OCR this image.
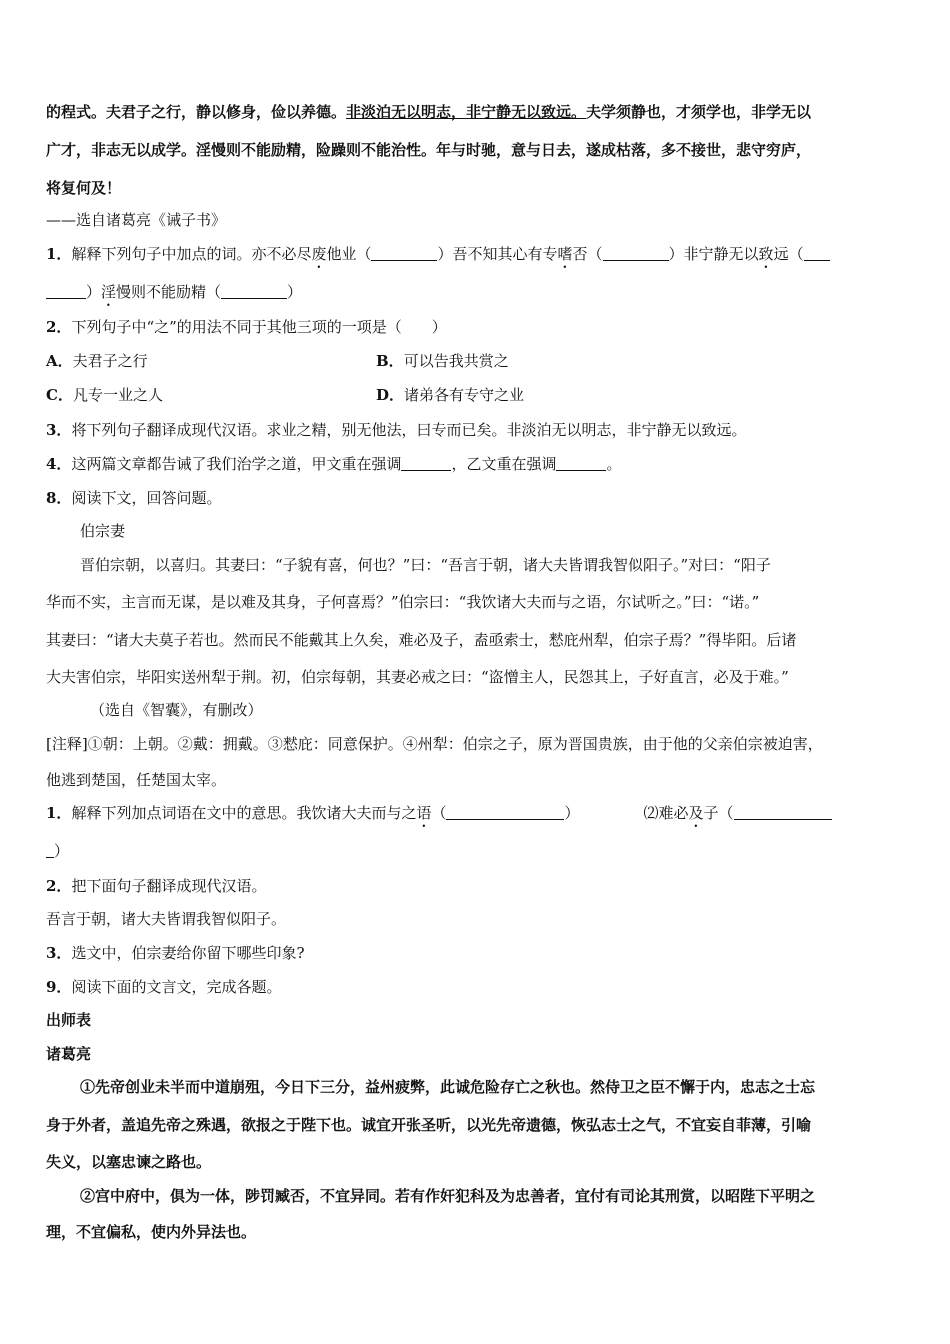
的程式。夫君子之行，静以修身，俭以养德。非淡泊无以明志，非宁静无以致远。夫学须静也，才须学也，非学无以
广才，非志无以成学。淫慢则不能励精，险躁则不能治性。年与时驰，意与日去，遂成枯落，多不接世，悲守穷庐，
将复何及！
——选自诸葛亮《诫子书》
1．解释下列句子中加点的词。亦不必尽废他业（	）吾不知其心有专嗜否（	）非宁静无以致远（
）淫慢则不能励精（	）
2．下列句子中“之”的用法不同于其他三项的一项是（　　）
A．夫君子之行	B．可以告我共赏之
C．凡专一业之人	D．诸弟各有专守之业
3．将下列句子翻译成现代汉语。求业之精，别无他法，曰专而已矣。非淡泊无以明志，非宁静无以致远。
4．这两篇文章都告诫了我们治学之道，甲文重在强调	，乙文重在强调	。
8．阅读下文，回答问题。
伯宗妻
晋伯宗朝，以喜归。其妻曰：“子貌有喜，何也？”曰：“吾言于朝，诸大夫皆谓我智似阳子。”对曰：“阳子
华而不实，主言而无谋，是以难及其身，子何喜焉？”伯宗曰：“我饮诸大夫而与之语，尔试听之。”曰：“诺。”
其妻曰：“诸大夫莫子若也。然而民不能戴其上久矣，难必及子，盍亟索士，慭庇州犁，伯宗子焉？”得毕阳。后诸
大夫害伯宗，毕阳实送州犁于荆。初，伯宗每朝，其妻必戒之曰：“盗憎主人，民怨其上，子好直言，必及于难。”
（选自《智囊》，有删改）
[注释]①朝：上朝。②戴：拥戴。③慭庇：同意保护。④州犁：伯宗之子，原为晋国贵族，由于他的父亲伯宗被迫害，
他逃到楚国，任楚国太宰。
1．解释下列加点词语在文中的意思。我饮诸大夫而与之语（	）	⑵难必及子（
）
2．把下面句子翻译成现代汉语。
吾言于朝，诸大夫皆谓我智似阳子。
3．选文中，伯宗妻给你留下哪些印象?
9．阅读下面的文言文，完成各题。
出师表
诸葛亮
①先帝创业未半而中道崩殂，今日下三分，益州疲弊，此诚危险存亡之秋也。然侍卫之臣不懈于内，忠志之士忘
身于外者，盖追先帝之殊遇，欲报之于陛下也。诚宜开张圣听，以光先帝遗德，恢弘志士之气，不宜妄自菲薄，引喻
失义，以塞忠谏之路也。
②宫中府中，俱为一体，陟罚臧否，不宜异同。若有作奸犯科及为忠善者，宜付有司论其刑赏，以昭陛下平明之
理，不宜偏私，使内外异法也。
